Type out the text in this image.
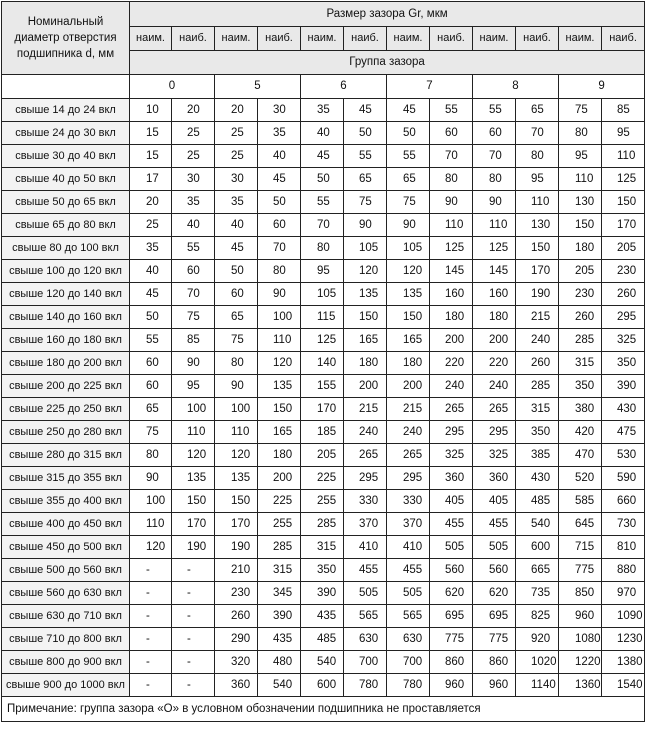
Номинальный диаметр отверстия подшипника d, мм	Размер зазора Gr, мкм											
	наим.	наиб.	наим.	наиб.	наим.	наиб.	наим.	наиб.	наим.	наиб.	наим.	наиб.
	Группа зазора											
	0		5		6		7		8		9	
свыше 14 до 24 вкл	10	20	20	30	35	45	45	55	55	65	75	85
свыше 24 до 30 вкл	15	25	25	35	40	50	50	60	60	70	80	95
свыше 30 до 40 вкл	15	25	25	40	45	55	55	70	70	80	95	110
свыше 40 до 50 вкл	17	30	30	45	50	65	65	80	80	95	110	125
свыше 50 до 65 вкл	20	35	35	50	55	75	75	90	90	110	130	150
свыше 65 до 80 вкл	25	40	40	60	70	90	90	110	110	130	150	170
свыше 80 до 100 вкл	35	55	45	70	80	105	105	125	125	150	180	205
свыше 100 до 120 вкл	40	60	50	80	95	120	120	145	145	170	205	230
свыше 120 до 140 вкл	45	70	60	90	105	135	135	160	160	190	230	260
свыше 140 до 160 вкл	50	75	65	100	115	150	150	180	180	215	260	295
свыше 160 до 180 вкл	55	85	75	110	125	165	165	200	200	240	285	325
свыше 180 до 200 вкл	60	90	80	120	140	180	180	220	220	260	315	350
свыше 200 до 225 вкл	60	95	90	135	155	200	200	240	240	285	350	390
свыше 225 до 250 вкл	65	100	100	150	170	215	215	265	265	315	380	430
свыше 250 до 280 вкл	75	110	110	165	185	240	240	295	295	350	420	475
свыше 280 до 315 вкл	80	120	120	180	205	265	265	325	325	385	470	530
свыше 315 до 355 вкл	90	135	135	200	225	295	295	360	360	430	520	590
свыше 355 до 400 вкл	100	150	150	225	255	330	330	405	405	485	585	660
свыше 400 до 450 вкл	110	170	170	255	285	370	370	455	455	540	645	730
свыше 450 до 500 вкл	120	190	190	285	315	410	410	505	505	600	715	810
свыше 500 до 560 вкл	-	-	210	315	350	455	455	560	560	665	775	880
свыше 560 до 630 вкл	-	-	230	345	390	505	505	620	620	735	850	970
свыше 630 до 710 вкл	-	-	260	390	435	565	565	695	695	825	960	1090
свыше 710 до 800 вкл	-	-	290	435	485	630	630	775	775	920	1080	1230
свыше 800 до 900 вкл	-	-	320	480	540	700	700	860	860	1020	1220	1380
свыше 900 до 1000 вкл	-	-	360	540	600	780	780	960	960	1140	1360	1540
Примечание: группа зазора «О» в условном обозначении подшипника не проставляется												
